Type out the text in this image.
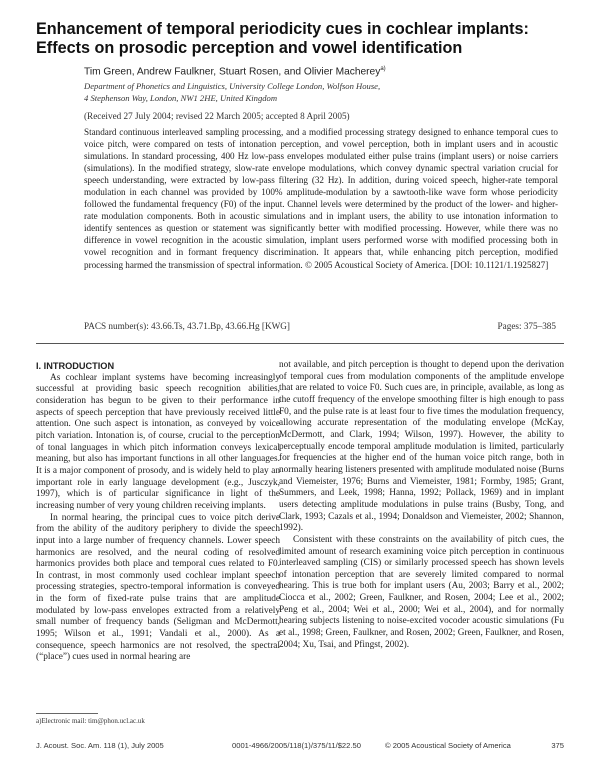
Enhancement of temporal periodicity cues in cochlear implants: Effects on prosodic perception and vowel identification
Tim Green, Andrew Faulkner, Stuart Rosen, and Olivier Macherey$^{a)}$
Department of Phonetics and Linguistics, University College London, Wolfson House,
4 Stephenson Way, London, NW1 2HE, United Kingdom
(Received 27 July 2004; revised 22 March 2005; accepted 8 April 2005)
Standard continuous interleaved sampling processing, and a modified processing strategy designed to enhance temporal cues to voice pitch, were compared on tests of intonation perception, and vowel perception, both in implant users and in acoustic simulations. In standard processing, 400 Hz low-pass envelopes modulated either pulse trains (implant users) or noise carriers (simulations). In the modified strategy, slow-rate envelope modulations, which convey dynamic spectral variation crucial for speech understanding, were extracted by low-pass filtering (32 Hz). In addition, during voiced speech, higher-rate temporal modulation in each channel was provided by 100% amplitude-modulation by a sawtooth-like wave form whose periodicity followed the fundamental frequency (F0) of the input. Channel levels were determined by the product of the lower- and higher-rate modulation components. Both in acoustic simulations and in implant users, the ability to use intonation information to identify sentences as question or statement was significantly better with modified processing. However, while there was no difference in vowel recognition in the acoustic simulation, implant users performed worse with modified processing both in vowel recognition and in formant frequency discrimination. It appears that, while enhancing pitch perception, modified processing harmed the transmission of spectral information. © 2005 Acoustical Society of America. [DOI: 10.1121/1.1925827]
PACS number(s): 43.66.Ts, 43.71.Bp, 43.66.Hg [KWG]	Pages: 375–385

I. INTRODUCTION

As cochlear implant systems have becoming increasingly successful at providing basic speech recognition abilities, consideration has begun to be given to their performance in aspects of speech perception that have previously received little attention. One such aspect is intonation, as conveyed by voice pitch variation. Intonation is, of course, crucial to the perception of tonal languages in which pitch information conveys lexical meaning, but also has important functions in all other languages. It is a major component of prosody, and is widely held to play an important role in early language development (e.g., Jusczyk, 1997), which is of particular significance in light of the increasing number of very young children receiving implants.

In normal hearing, the principal cues to voice pitch derive from the ability of the auditory periphery to divide the speech input into a large number of frequency channels. Lower speech harmonics are resolved, and the neural coding of resolved harmonics provides both place and temporal cues related to F0. In contrast, in most commonly used cochlear implant speech processing strategies, spectro-temporal information is conveyed in the form of fixed-rate pulse trains that are amplitude modulated by low-pass envelopes extracted from a relatively small number of frequency bands (Seligman and McDermott, 1995; Wilson et al., 1991; Vandali et al., 2000). As a consequence, speech harmonics are not resolved, the spectral (“place”) cues used in normal hearing are

not available, and pitch perception is thought to depend upon the derivation of temporal cues from modulation components of the amplitude envelope that are related to voice F0. Such cues are, in principle, available, as long as the cutoff frequency of the envelope smoothing filter is high enough to pass F0, and the pulse rate is at least four to five times the modulation frequency, allowing accurate representation of the modulating envelope (McKay, McDermott, and Clark, 1994; Wilson, 1997). However, the ability to perceptually encode temporal amplitude modulation is limited, particularly for frequencies at the higher end of the human voice pitch range, both in normally hearing listeners presented with amplitude modulated noise (Burns and Viemeister, 1976; Burns and Viemeister, 1981; Formby, 1985; Grant, Summers, and Leek, 1998; Hanna, 1992; Pollack, 1969) and in implant users detecting amplitude modulations in pulse trains (Busby, Tong, and Clark, 1993; Cazals et al., 1994; Donaldson and Viemeister, 2002; Shannon, 1992).

Consistent with these constraints on the availability of pitch cues, the limited amount of research examining voice pitch perception in continuous interleaved sampling (CIS) or similarly processed speech has shown levels of intonation perception that are severely limited compared to normal hearing. This is true both for implant users (Au, 2003; Barry et al., 2002; Ciocca et al., 2002; Green, Faulkner, and Rosen, 2004; Lee et al., 2002; Peng et al., 2004; Wei et al., 2000; Wei et al., 2004), and for normally hearing subjects listening to noise-excited vocoder acoustic simulations (Fu et al., 1998; Green, Faulkner, and Rosen, 2002; Green, Faulkner, and Rosen, 2004; Xu, Tsai, and Pfingst, 2002).

a)Electronic mail: tim@phon.ucl.ac.uk
J. Acoust. Soc. Am. 118 (1), July 2005	0001-4966/2005/118(1)/375/11/$22.50	© 2005 Acoustical Society of America	375
